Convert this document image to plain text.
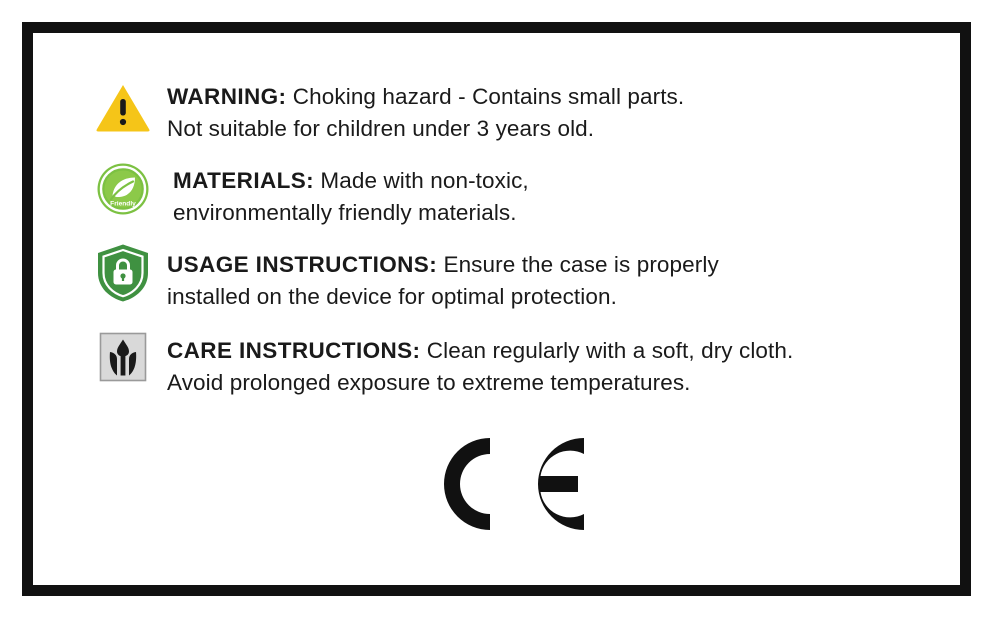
WARNING: Choking hazard - Contains small parts.
Not suitable for children under 3 years old.
Friendly
MATERIALS: Made with non-toxic,
environmentally friendly materials.
USAGE INSTRUCTIONS: Ensure the case is properly
installed on the device for optimal protection.
CARE INSTRUCTIONS: Clean regularly with a soft, dry cloth.
Avoid prolonged exposure to extreme temperatures.
